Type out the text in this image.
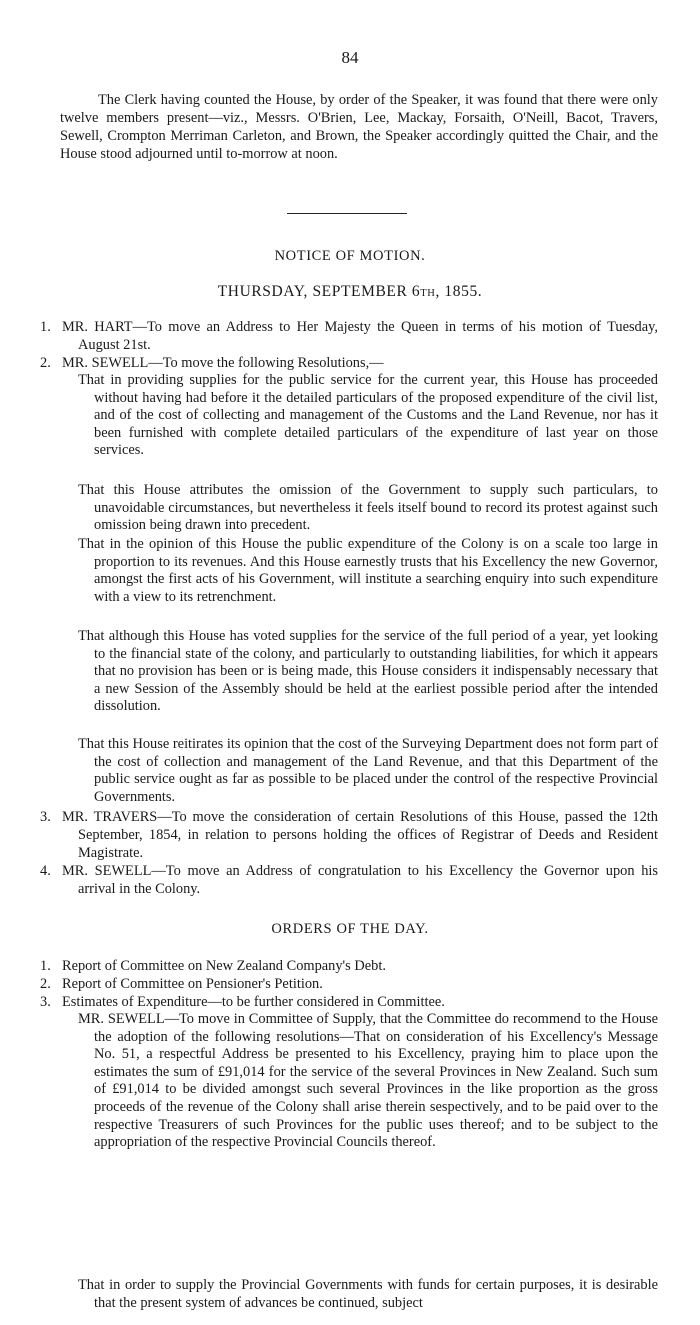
84
The Clerk having counted the House, by order of the Speaker, it was found that there were only twelve members present—viz., Messrs. O'Brien, Lee, Mackay, Forsaith, O'Neill, Bacot, Travers, Sewell, Crompton Merriman Carleton, and Brown, the Speaker accordingly quitted the Chair, and the House stood adjourned until to-morrow at noon.
NOTICE OF MOTION.
THURSDAY, SEPTEMBER 6TH, 1855.
1. MR. HART—To move an Address to Her Majesty the Queen in terms of his motion of Tuesday, August 21st.
2. MR. SEWELL—To move the following Resolutions,—
That in providing supplies for the public service for the current year, this House has proceeded without having had before it the detailed particulars of the proposed expenditure of the civil list, and of the cost of collecting and management of the Customs and the Land Revenue, nor has it been furnished with complete detailed particulars of the expenditure of last year on those services.
That this House attributes the omission of the Government to supply such particulars, to unavoidable circumstances, but nevertheless it feels itself bound to record its protest against such omission being drawn into precedent.
That in the opinion of this House the public expenditure of the Colony is on a scale too large in proportion to its revenues. And this House earnestly trusts that his Excellency the new Governor, amongst the first acts of his Government, will institute a searching enquiry into such expenditure with a view to its retrenchment.
That although this House has voted supplies for the service of the full period of a year, yet looking to the financial state of the colony, and particularly to outstanding liabilities, for which it appears that no provision has been or is being made, this House considers it indispensably necessary that a new Session of the Assembly should be held at the earliest possible period after the intended dissolution.
That this House reitirates its opinion that the cost of the Surveying Department does not form part of the cost of collection and management of the Land Revenue, and that this Department of the public service ought as far as possible to be placed under the control of the respective Provincial Governments.
3. MR. TRAVERS—To move the consideration of certain Resolutions of this House, passed the 12th September, 1854, in relation to persons holding the offices of Registrar of Deeds and Resident Magistrate.
4. MR. SEWELL—To move an Address of congratulation to his Excellency the Governor upon his arrival in the Colony.
ORDERS OF THE DAY.
1. Report of Committee on New Zealand Company's Debt.
2. Report of Committee on Pensioner's Petition.
3. Estimates of Expenditure—to be further considered in Committee.
MR. SEWELL—To move in Committee of Supply, that the Committee do recommend to the House the adoption of the following resolutions—That on consideration of his Excellency's Message No. 51, a respectful Address be presented to his Excellency, praying him to place upon the estimates the sum of £91,014 for the service of the several Provinces in New Zealand. Such sum of £91,014 to be divided amongst such several Provinces in the like proportion as the gross proceeds of the revenue of the Colony shall arise therein sespectively, and to be paid over to the respective Treasurers of such Provinces for the public uses thereof; and to be subject to the appropriation of the respective Provincial Councils thereof.
That in order to supply the Provincial Governments with funds for certain purposes, it is desirable that the present system of advances be continued, subject
